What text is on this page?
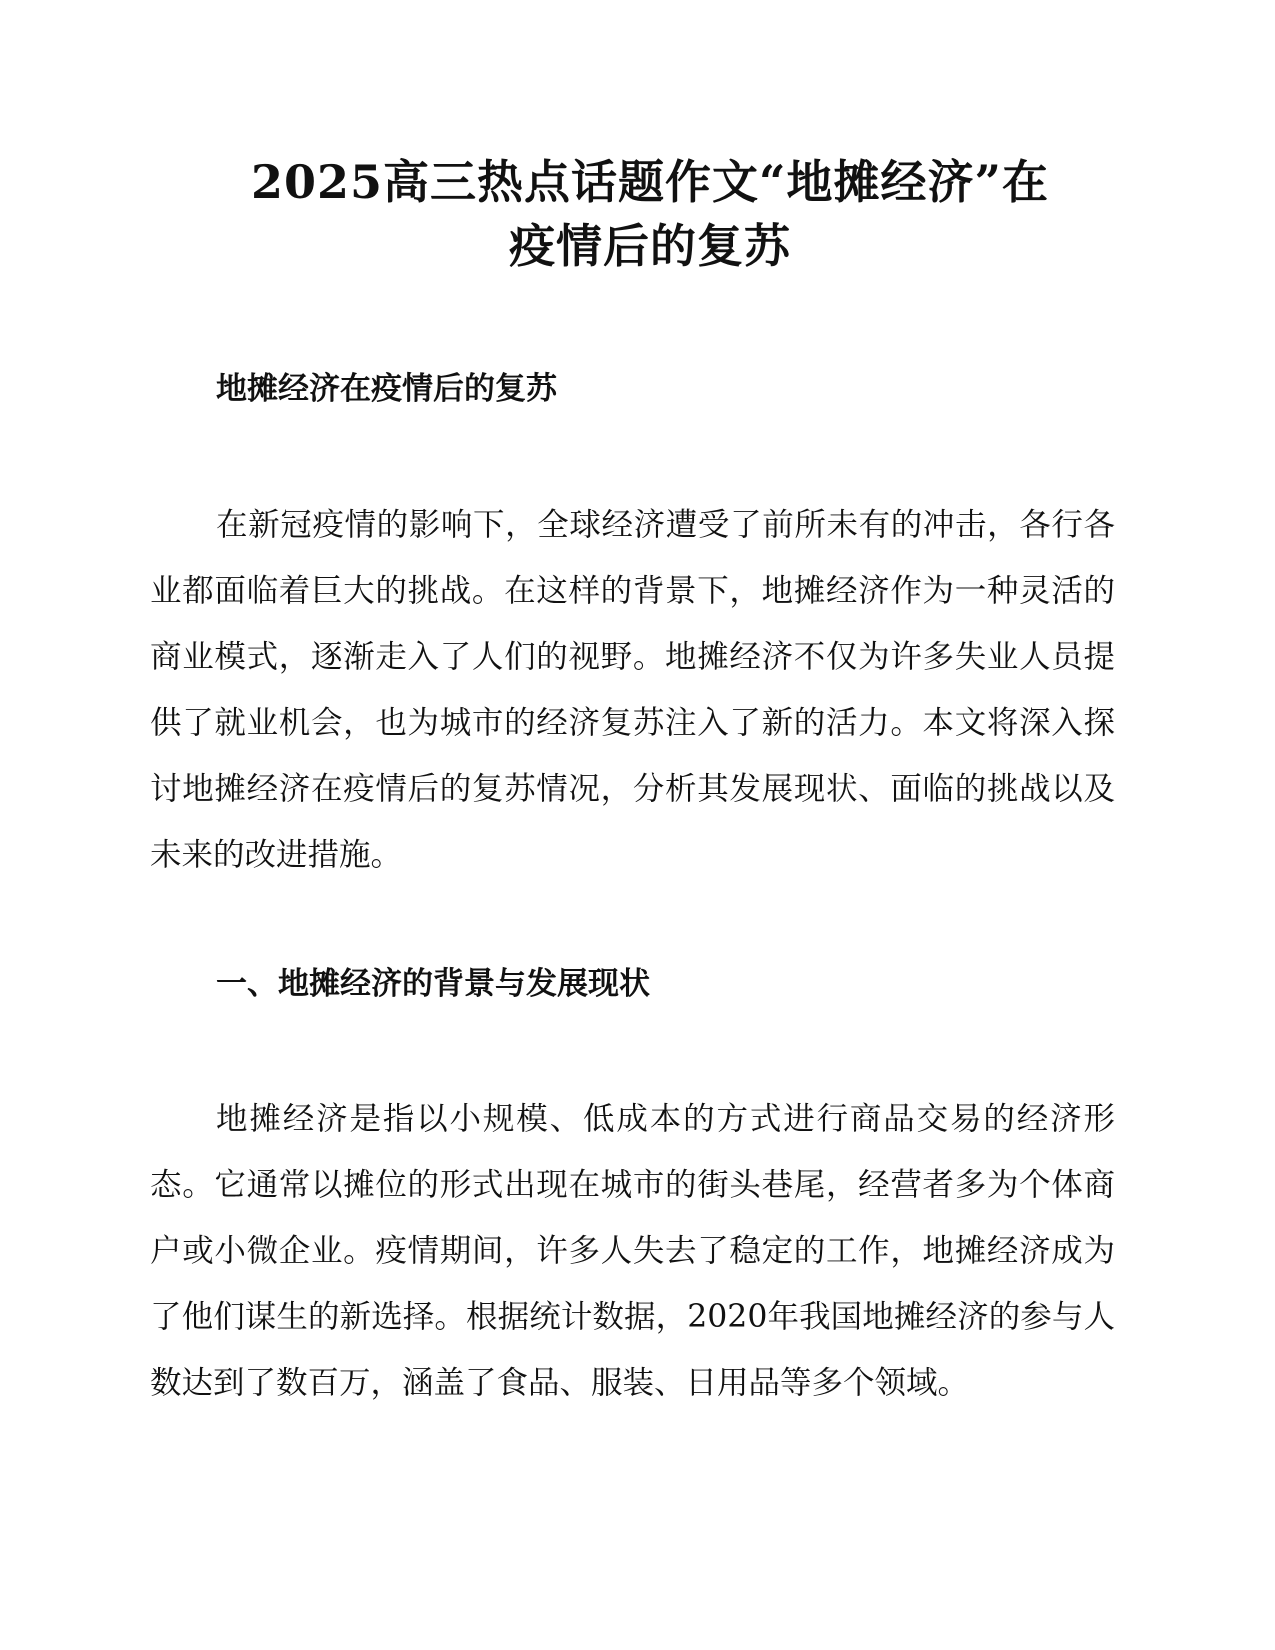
2025高三热点话题作文“地摊经济”在疫情后的复苏
地摊经济在疫情后的复苏

在新冠疫情的影响下，全球经济遭受了前所未有的冲击，各行各业都面临着巨大的挑战。在这样的背景下，地摊经济作为一种灵活的商业模式，逐渐走入了人们的视野。地摊经济不仅为许多失业人员提供了就业机会，也为城市的经济复苏注入了新的活力。本文将深入探讨地摊经济在疫情后的复苏情况，分析其发展现状、面临的挑战以及未来的改进措施。

一、地摊经济的背景与发展现状

地摊经济是指以小规模、低成本的方式进行商品交易的经济形态。它通常以摊位的形式出现在城市的街头巷尾，经营者多为个体商户或小微企业。疫情期间，许多人失去了稳定的工作，地摊经济成为了他们谋生的新选择。根据统计数据，2020年我国地摊经济的参与人数达到了数百万，涵盖了食品、服装、日用品等多个领域。
